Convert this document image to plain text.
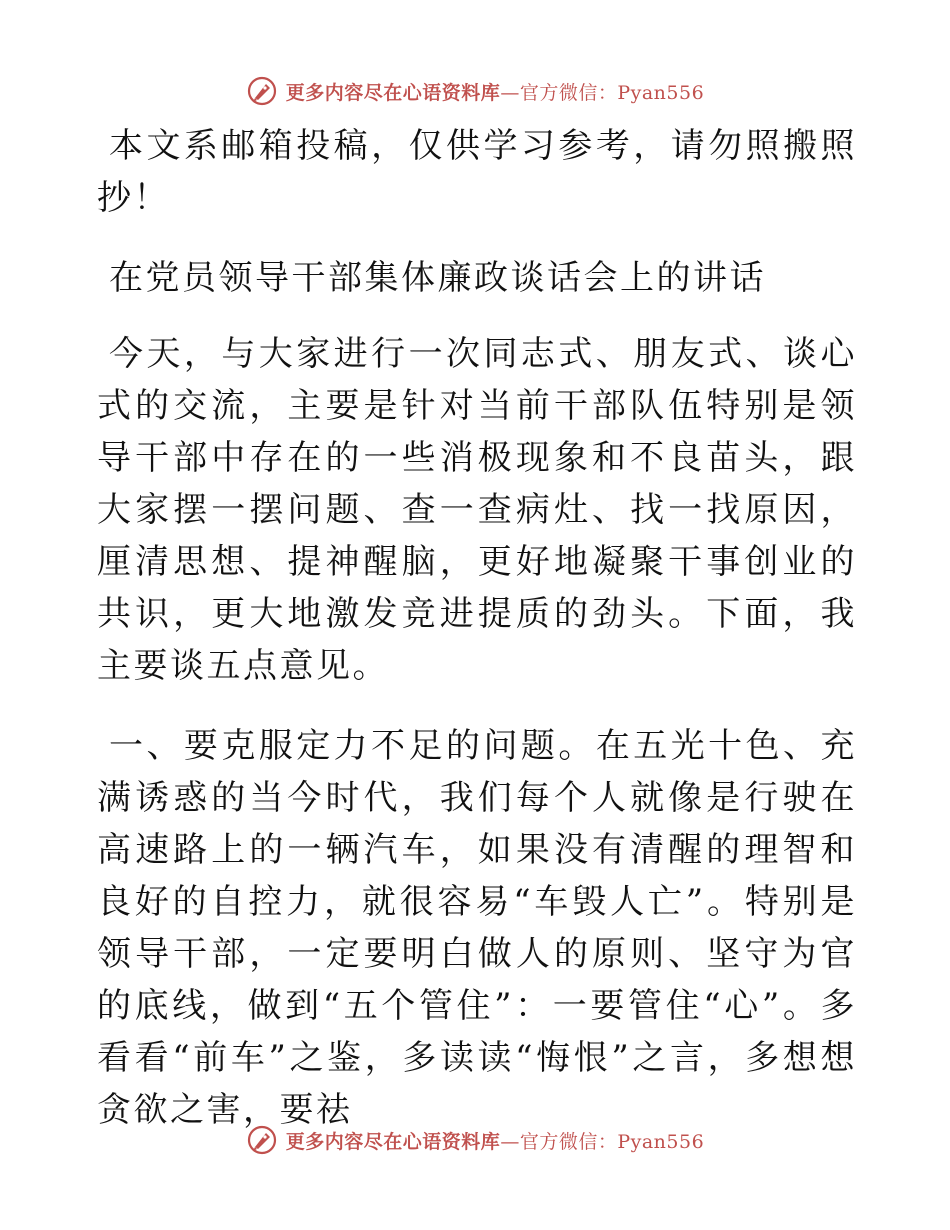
更多内容尽在心语资料库—官方微信：Pyan556

本文系邮箱投稿，仅供学习参考，请勿照搬照抄！

在党员领导干部集体廉政谈话会上的讲话

今天，与大家进行一次同志式、朋友式、谈心式的交流，主要是针对当前干部队伍特别是领导干部中存在的一些消极现象和不良苗头，跟大家摆一摆问题、查一查病灶、找一找原因，厘清思想、提神醒脑，更好地凝聚干事创业的共识，更大地激发竞进提质的劲头。下面，我主要谈五点意见。

一、要克服定力不足的问题。在五光十色、充满诱惑的当今时代，我们每个人就像是行驶在高速路上的一辆汽车，如果没有清醒的理智和良好的自控力，就很容易“车毁人亡”。特别是领导干部，一定要明白做人的原则、坚守为官的底线，做到“五个管住”：一要管住“心”。多看看“前车”之鉴，多读读“悔恨”之言，多想想贪欲之害，要祛

更多内容尽在心语资料库—官方微信：Pyan556
